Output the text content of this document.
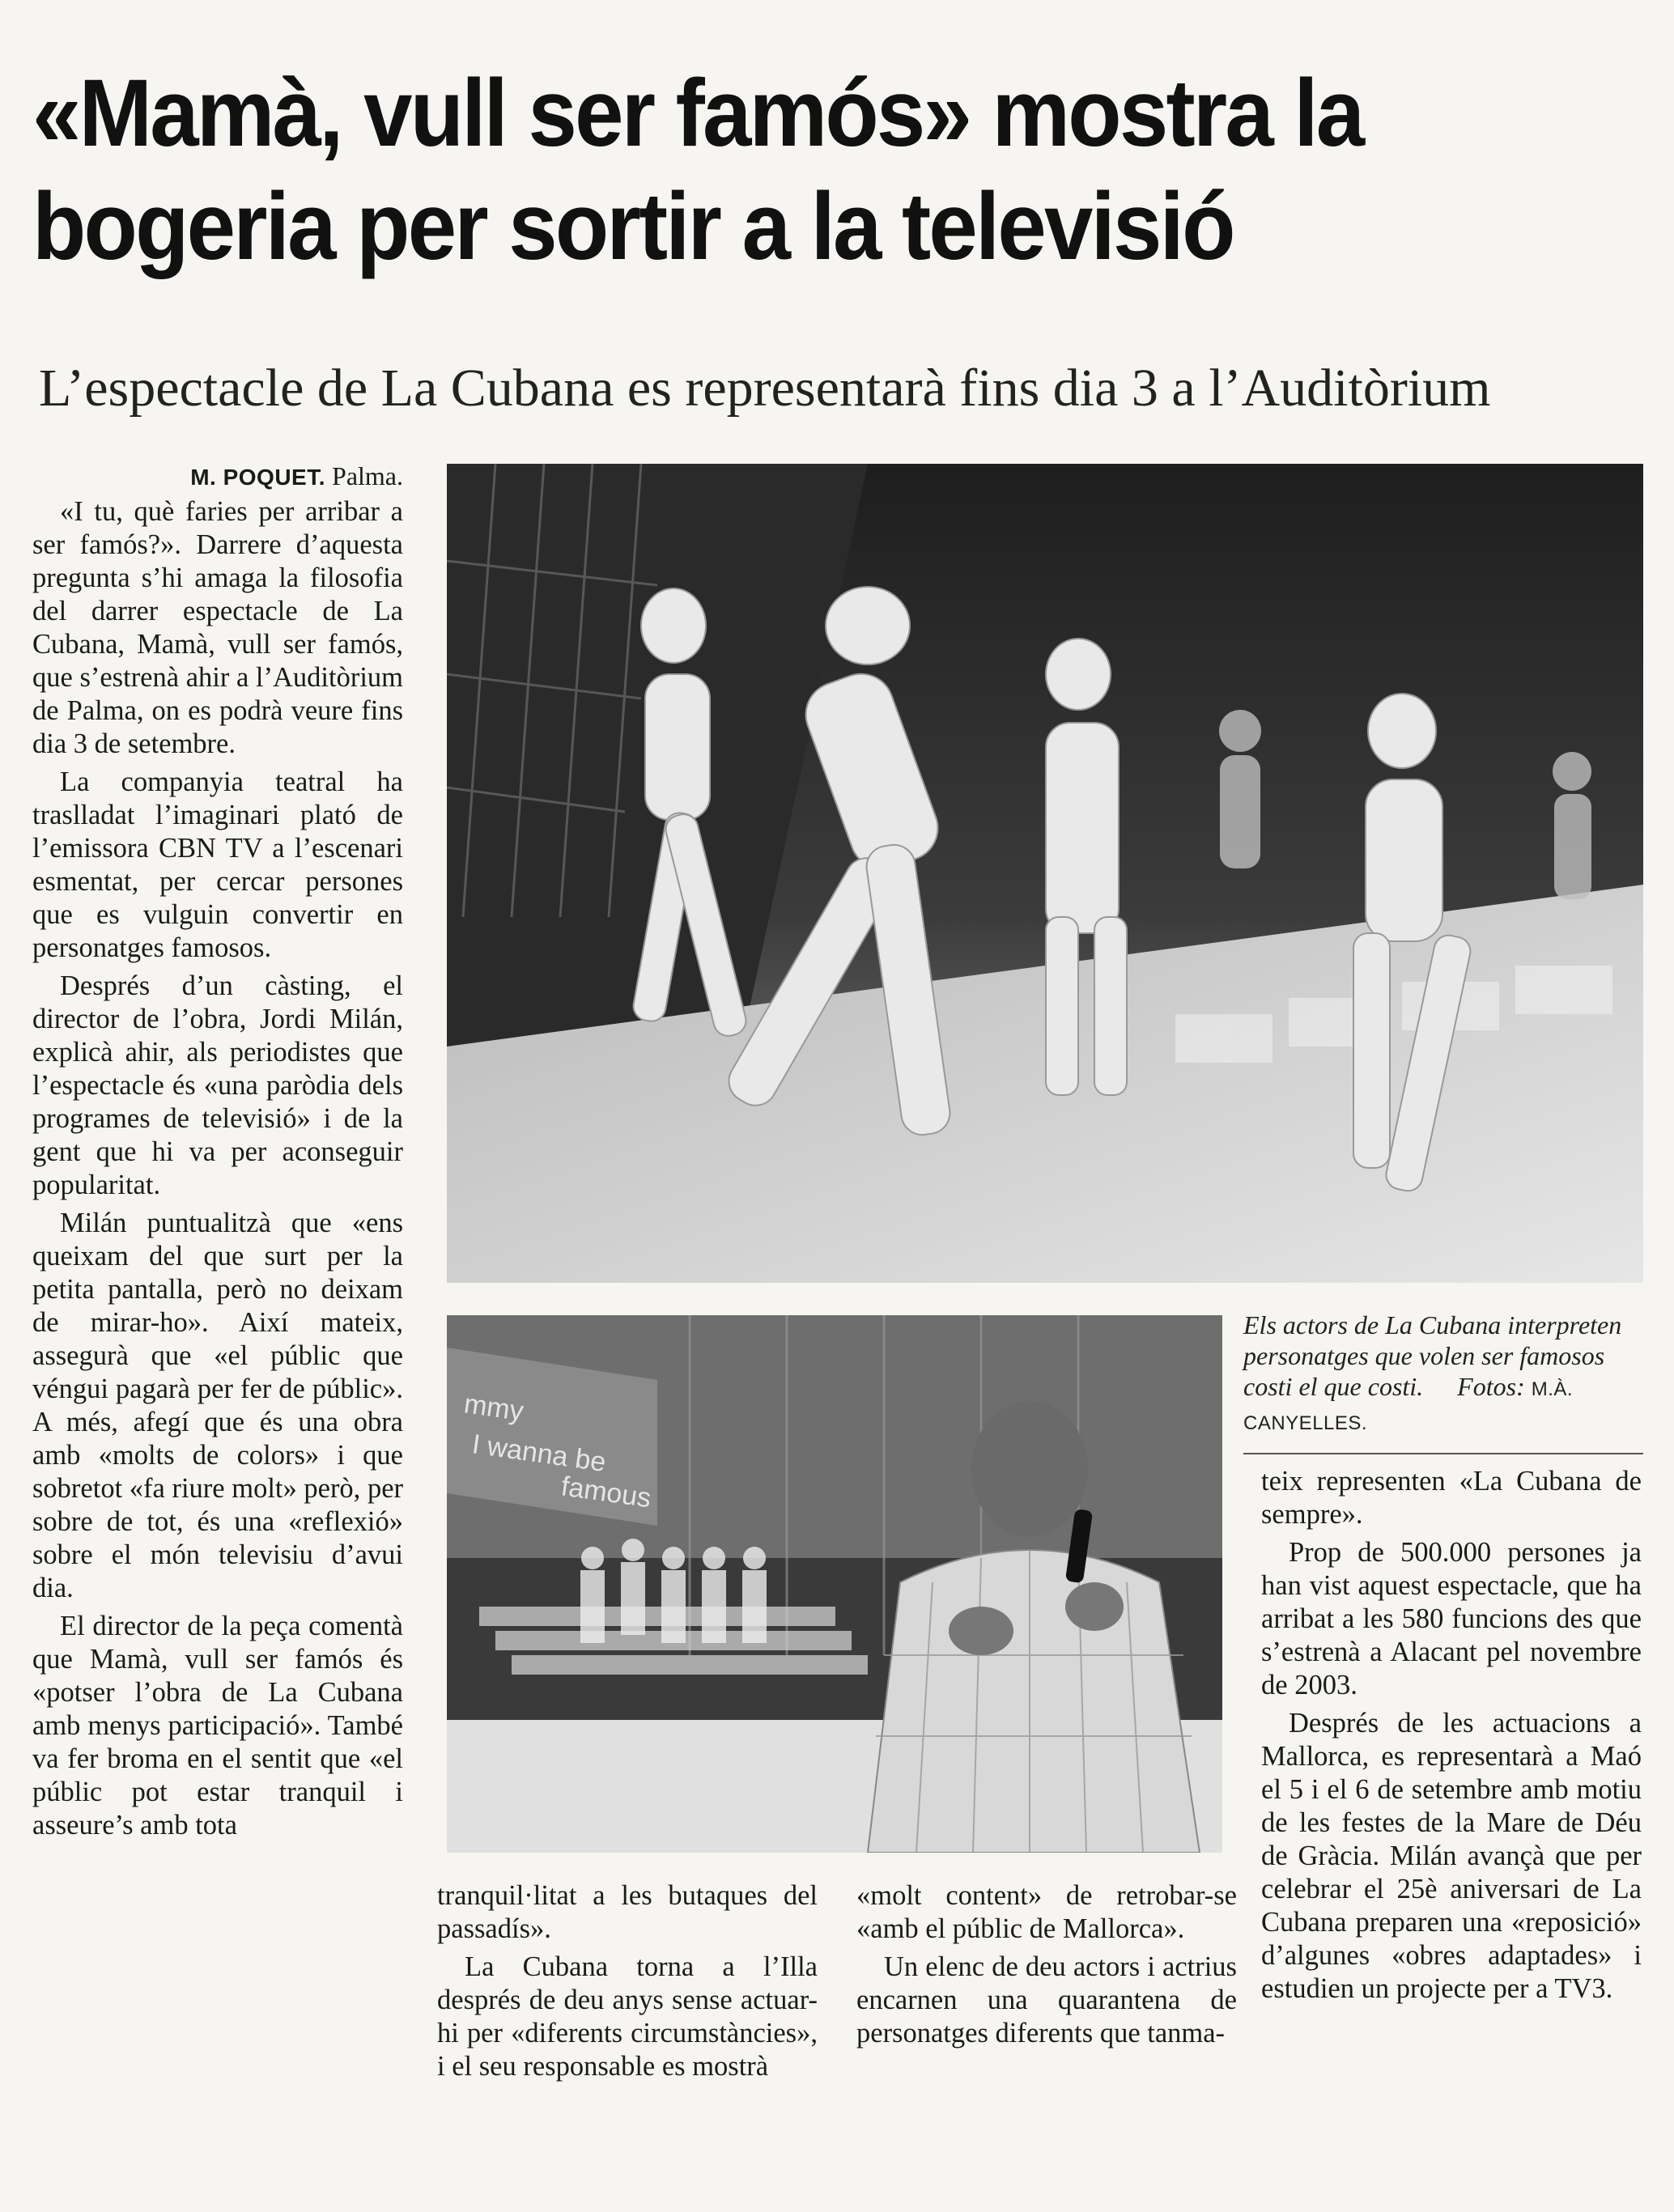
«Mamà, vull ser famós» mostra la bogeria per sortir a la televisió
L’espectacle de La Cubana es representarà fins dia 3 a l’Auditòrium
M. POQUET. Palma.

«I tu, què faries per arribar a ser famós?». Darrere d’aquesta pregunta s’hi amaga la filosofia del darrer espectacle de La Cubana, Mamà, vull ser famós, que s’estrenà ahir a l’Auditòrium de Palma, on es podrà veure fins dia 3 de setembre.

La companyia teatral ha traslladat l’imaginari plató de l’emissora CBN TV a l’escenari esmentat, per cercar persones que es vulguin convertir en personatges famosos.

Després d’un càsting, el director de l’obra, Jordi Milán, explicà ahir, als periodistes que l’espectacle és «una paròdia dels programes de televisió» i de la gent que hi va per aconseguir popularitat.

Milán puntualitzà que «ens queixam del que surt per la petita pantalla, però no deixam de mirar-ho». Així mateix, assegurà que «el públic que véngui pagarà per fer de públic». A més, afegí que és una obra amb «molts de colors» i que sobretot «fa riure molt» però, per sobre de tot, és una «reflexió» sobre el món televisiu d’avui dia.

El director de la peça comentà que Mamà, vull ser famós és «potser l’obra de La Cubana amb menys participació». També va fer broma en el sentit que «el públic pot estar tranquil i asseure’s amb tota

mmy
I wanna be
famous
Els actors de La Cubana interpreten personatges que volen ser famosos costi el que costi. Fotos: M.À. CANYELLES.

tranquil·litat a les butaques del passadís».

La Cubana torna a l’Illa després de deu anys sense actuar-hi per «diferents circumstàncies», i el seu responsable es mostrà

«molt content» de retrobar-se «amb el públic de Mallorca».

Un elenc de deu actors i actrius encarnen una quarantena de personatges diferents que tanma-

teix representen «La Cubana de sempre».

Prop de 500.000 persones ja han vist aquest espectacle, que ha arribat a les 580 funcions des que s’estrenà a Alacant pel novembre de 2003.

Després de les actuacions a Mallorca, es representarà a Maó el 5 i el 6 de setembre amb motiu de les festes de la Mare de Déu de Gràcia. Milán avançà que per celebrar el 25è aniversari de La Cubana preparen una «reposició» d’algunes «obres adaptades» i estudien un projecte per a TV3.
